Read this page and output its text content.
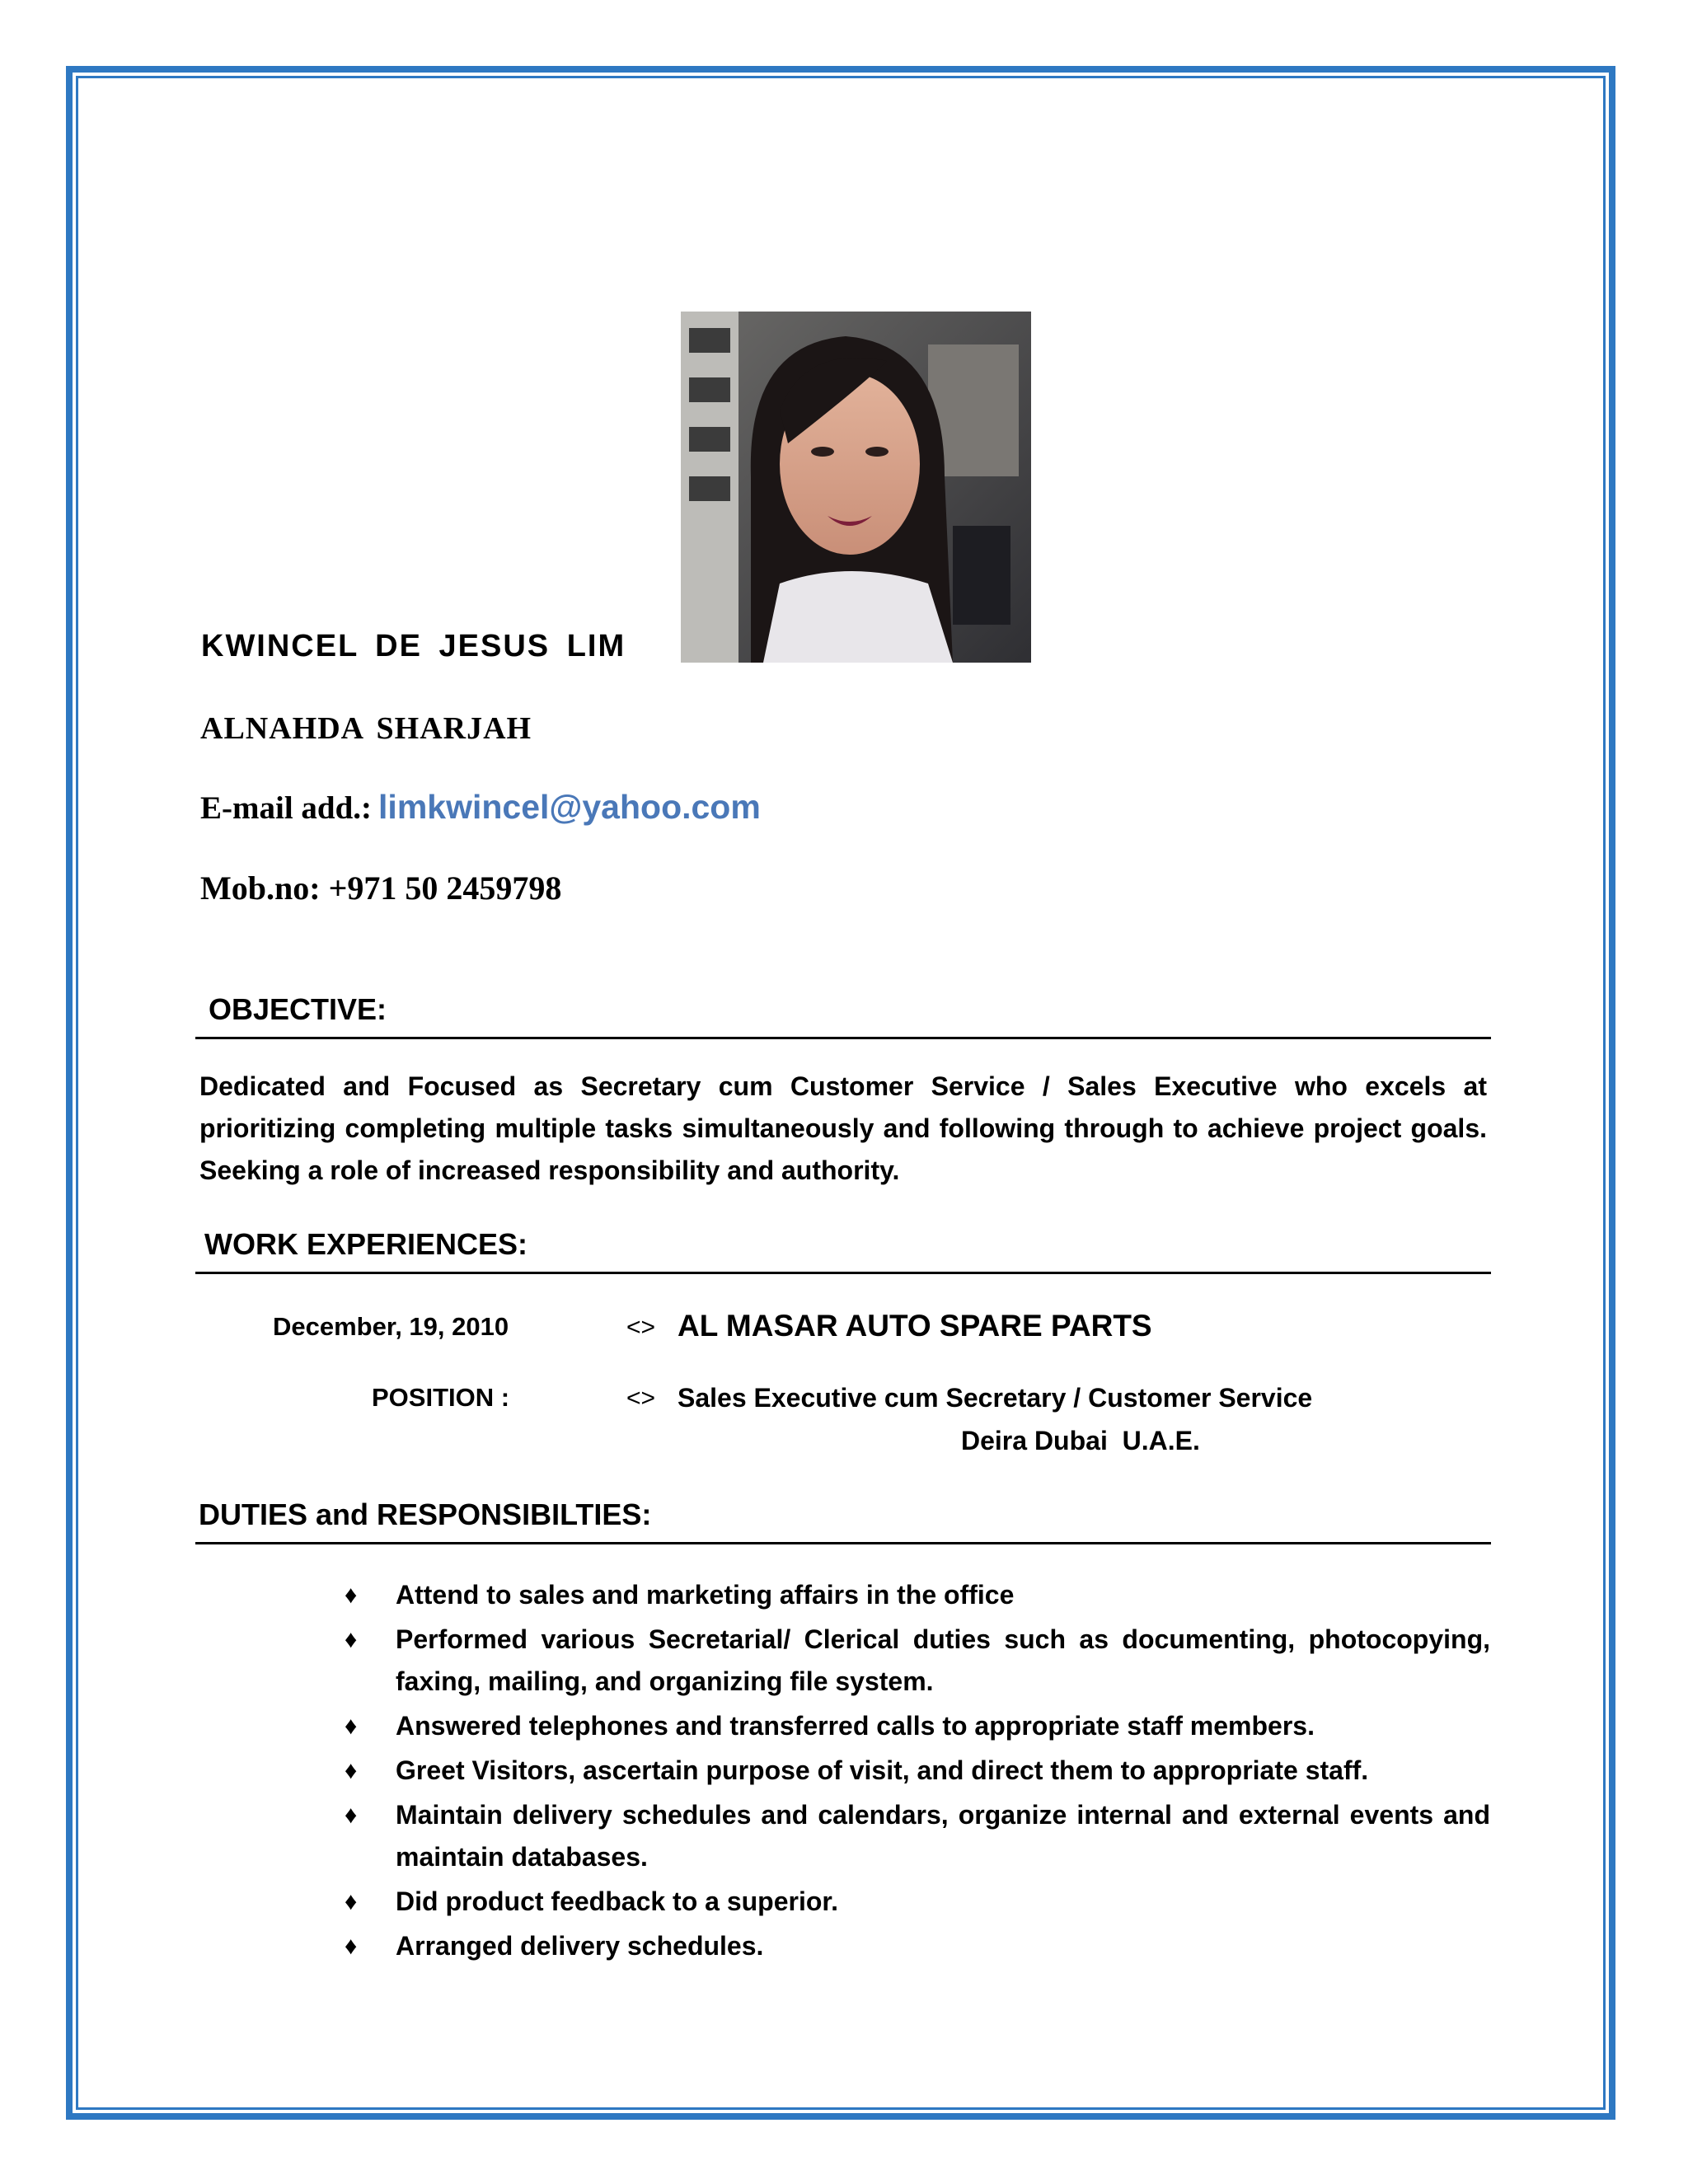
KWINCEL DE JESUS LIM
ALNAHDA SHARJAH
E-mail add.: limkwincel@yahoo.com
Mob.no: +971 50 2459798
OBJECTIVE:
Dedicated and Focused as Secretary cum Customer Service / Sales Executive who excels at prioritizing completing multiple tasks simultaneously and following through to achieve project goals. Seeking a role of increased responsibility and authority.
WORK EXPERIENCES:
December, 19, 2010	<> AL MASAR AUTO SPARE PARTS
POSITION :	<> Sales Executive cum Secretary / Customer Service
Deira Dubai  U.A.E.
DUTIES and RESPONSIBILTIES:
♦ Attend to sales and marketing affairs in the office
♦ Performed various Secretarial/ Clerical duties such as documenting, photocopying, faxing, mailing, and organizing file system.
♦ Answered telephones and transferred calls to appropriate staff members.
♦ Greet Visitors, ascertain purpose of visit, and direct them to appropriate staff.
♦ Maintain delivery schedules and calendars, organize internal and external events and maintain databases.
♦ Did product feedback to a superior.
♦ Arranged delivery schedules.
